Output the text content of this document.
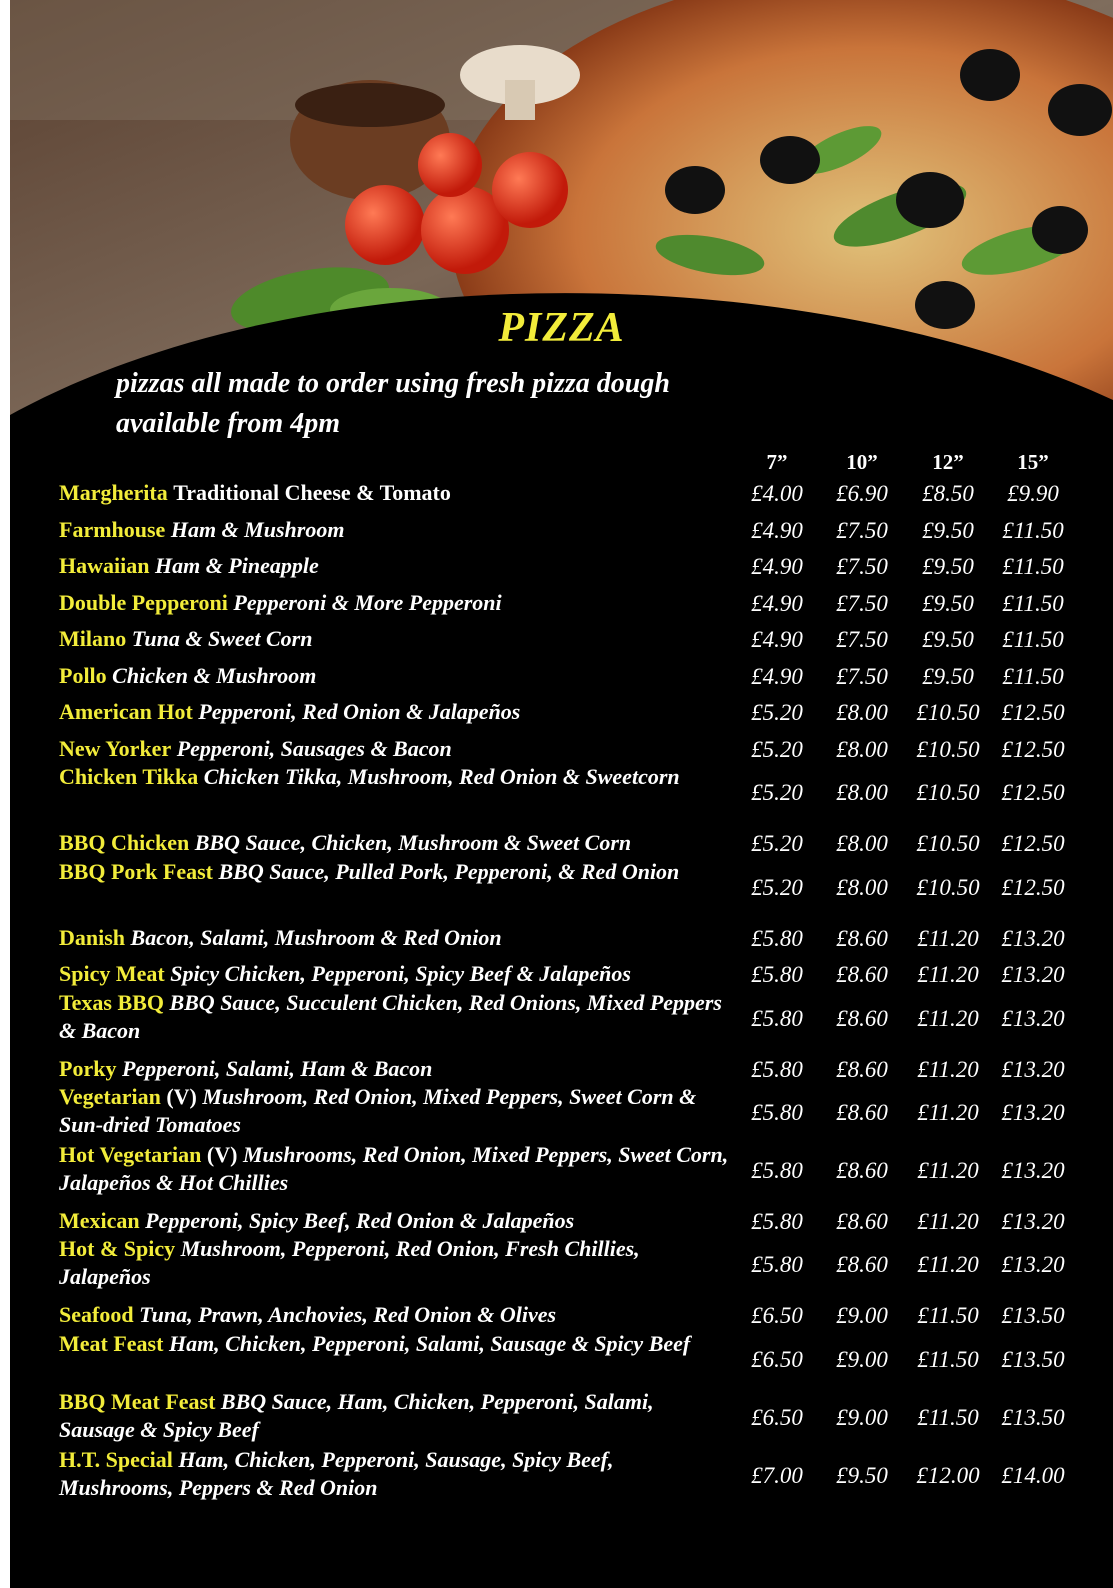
PIZZA
pizzas all made to order using fresh pizza dough
available from 4pm
7”	10”	12”	15”
Margherita Traditional Cheese & Tomato	£4.00	£6.90	£8.50	£9.90
Farmhouse Ham & Mushroom	£4.90	£7.50	£9.50	£11.50
Hawaiian Ham & Pineapple	£4.90	£7.50	£9.50	£11.50
Double Pepperoni Pepperoni & More Pepperoni	£4.90	£7.50	£9.50	£11.50
Milano Tuna & Sweet Corn	£4.90	£7.50	£9.50	£11.50
Pollo Chicken & Mushroom	£4.90	£7.50	£9.50	£11.50
American Hot Pepperoni, Red Onion & Jalapeños	£5.20	£8.00	£10.50 £12.50
New Yorker Pepperoni, Sausages & Bacon	£5.20	£8.00	£10.50 £12.50
Chicken Tikka Chicken Tikka, Mushroom, Red Onion & Sweetcorn
£5.20	£8.00	£10.50 £12.50
BBQ Chicken BBQ Sauce, Chicken, Mushroom & Sweet Corn	£5.20	£8.00	£10.50 £12.50
BBQ Pork Feast BBQ Sauce, Pulled Pork, Pepperoni, & Red Onion
£5.20	£8.00	£10.50 £12.50
Danish Bacon, Salami, Mushroom & Red Onion	£5.80	£8.60	£11.20 £13.20
Spicy Meat Spicy Chicken, Pepperoni, Spicy Beef & Jalapeños	£5.80	£8.60	£11.20 £13.20
Texas BBQ BBQ Sauce, Succulent Chicken, Red Onions, Mixed Peppers & Bacon	£5.80	£8.60	£11.20 £13.20
Porky Pepperoni, Salami, Ham & Bacon	£5.80	£8.60	£11.20 £13.20
Vegetarian (V) Mushroom, Red Onion, Mixed Peppers, Sweet Corn & Sun-dried Tomatoes	£5.80	£8.60	£11.20 £13.20
Hot Vegetarian (V) Mushrooms, Red Onion, Mixed Peppers, Sweet Corn, Jalapeños & Hot Chillies	£5.80	£8.60	£11.20 £13.20
Mexican Pepperoni, Spicy Beef, Red Onion & Jalapeños	£5.80	£8.60	£11.20 £13.20
Hot & Spicy Mushroom, Pepperoni, Red Onion, Fresh Chillies, Jalapeños	£5.80	£8.60	£11.20 £13.20
Seafood Tuna, Prawn, Anchovies, Red Onion & Olives	£6.50	£9.00	£11.50 £13.50
Meat Feast Ham, Chicken, Pepperoni, Salami, Sausage & Spicy Beef
£6.50	£9.00	£11.50 £13.50
BBQ Meat Feast BBQ Sauce, Ham, Chicken, Pepperoni, Salami, Sausage & Spicy Beef	£6.50	£9.00	£11.50 £13.50
H.T. Special Ham, Chicken, Pepperoni, Sausage, Spicy Beef, Mushrooms, Peppers & Red Onion	£7.00	£9.50	£12.00 £14.00
